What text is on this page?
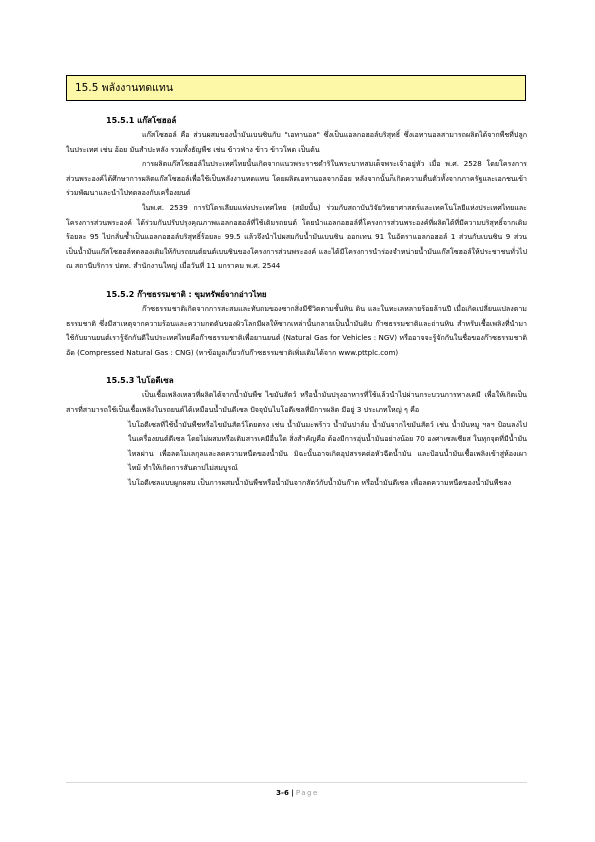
15.5 พลังงานทดแทน
15.5.1 แก๊สโซฮอล์

แก๊สโซฮอล์ คือ ส่วนผสมของน้ำมันเบนซินกับ "เอทานอล" ซึ่งเป็นแอลกอฮอล์บริสุทธิ์ ซึ่งเอทานอลสามารถผลิตได้จากพืชที่ปลูกในประเทศ เช่น อ้อย มันสำปะหลัง รวมทั้งธัญพืช เช่น ข้าวฟ่าง ข้าว ข้าวโพด เป็นต้น

การผลิตแก๊สโซฮอล์ในประเทศไทยนั้นเกิดจากแนวพระราชดำริในพระบาทสมเด็จพระเจ้าอยู่หัว เมื่อ พ.ศ. 2528 โดยโครงการส่วนพระองค์ได้ศึกษาการผลิตแก๊สโซฮอล์เพื่อใช้เป็นพลังงานทดแทน โดยผลิตเอทานอลจากอ้อย หลังจากนั้นก็เกิดความตื่นตัวทั้งจากภาครัฐและเอกชนเข้าร่วมพัฒนาและนำไปทดลองกับเครื่องยนต์

ในพ.ศ. 2539 การปิโตรเลียมแห่งประเทศไทย (สมัยนั้น) ร่วมกับสถาบันวิจัยวิทยาศาสตร์และเทคโนโลยีแห่งประเทศไทยและโครงการส่วนพระองค์ ได้ร่วมกันปรับปรุงคุณภาพแอลกอฮอล์ที่ใช้เติมรถยนต์ โดยนำแอลกอฮอล์ที่โครงการส่วนพระองค์ที่ผลิตได้ที่มีความบริสุทธิ์จากเดิมร้อยละ 95 ไปกลั่นซ้ำเป็นแอลกอฮอล์บริสุทธิ์ร้อยละ 99.5 แล้วจึงนำไปผสมกับน้ำมันเบนซิน ออกเทน 91 ในอัตราแอลกอฮอล์ 1 ส่วนกับเบนซิน 9 ส่วน เป็นน้ำมันแก๊สโซฮอล์ทดลองเติมให้กับรถยนต์ยนต์เบนซินของโครงการส่วนพระองค์ และได้มีโครงการนำร่องจำหน่ายน้ำมันแก๊สโซฮอล์ให้ประชาชนทั่วไป ณ สถานีบริการ ปตท. สำนักงานใหญ่ เมื่อวันที่ 11 มกราคม พ.ศ. 2544

15.5.2 ก๊าซธรรมชาติ : ขุมทรัพย์จากอ่าวไทย

ก๊าซธรรมชาติเกิดจากการสะสมและทับถมของซากสิ่งมีชีวิตตามชั้นหิน ดิน และในทะเลหลายร้อยล้านปี เมื่อเกิดเปลี่ยนแปลงตามธรรมชาติ ซึ่งมีสาเหตุจากความร้อนและความกดดันของผิวโลกมีผลให้ซากเหล่านั้นกลายเป็นน้ำมันดิบ ก๊าซธรรมชาติและถ่านหิน สำหรับเชื้อเพลิงที่นำมาใช้กับยานยนต์เรารู้จักกันดีในประเทศไทยคือก๊าซธรรมชาติเพื่อยานยนต์ (Natural Gas for Vehicles : NGV) หรืออาจจะรู้จักกันในชื่อของก๊าซธรรมชาติอัด (Compressed Natural Gas : CNG) (หาข้อมูลเกี่ยวกับก๊าซธรรมชาติเพิ่มเติมได้จาก www.pttplc.com)

15.5.3 ไบโอดีเซล

เป็นเชื้อเพลิงเหลวที่ผลิตได้จากน้ำมันพืช ไขมันสัตว์ หรือน้ำมันปรุงอาหารที่ใช้แล้วนำไปผ่านกระบวนการทางเคมี เพื่อให้เกิดเป็นสารที่สามารถใช้เป็นเชื้อเพลิงในรถยนต์ได้เหมือนน้ำมันดีเซล ปัจจุบันไบโอดีเซลที่มีการผลิต มีอยู่ 3 ประเภทใหญ่ ๆ คือ

ไบโอดีเซลที่ใช้น้ำมันพืชหรือไขมันสัตว์โดยตรง เช่น น้ำมันมะพร้าว น้ำมันปาล์ม น้ำมันจากไขมันสัตว์ เช่น น้ำมันหมู ฯลฯ ป้อนลงไปในเครื่องยนต์ดีเซล โดยไม่ผสมหรือเติมสารเคมีอื่นใด สิ่งสำคัญคือ ต้องมีการอุ่นน้ำมันอย่างน้อย 70 องศาเซลเซียส ในทุกจุดที่มีน้ำมันไหลผ่าน เพื่อลดโมเลกุลและลดความหนืดของน้ำมัน มิฉะนั้นอาจเกิดอุปสรรคต่อหัวฉีดน้ำมัน และป้อนน้ำมันเชื้อเพลิงเข้าสู่ห้องเผาไหม้ ทำให้เกิดการสันดาปไม่สมบูรณ์
ไบโอดีเซลแบบผูกผสม เป็นการผสมน้ำมันพืชหรือน้ำมันจากสัตว์กับน้ำมันก๊าด หรือน้ำมันดีเซล เพื่อลดความหนืดของน้ำมันพืชลง
3-6 | Page
